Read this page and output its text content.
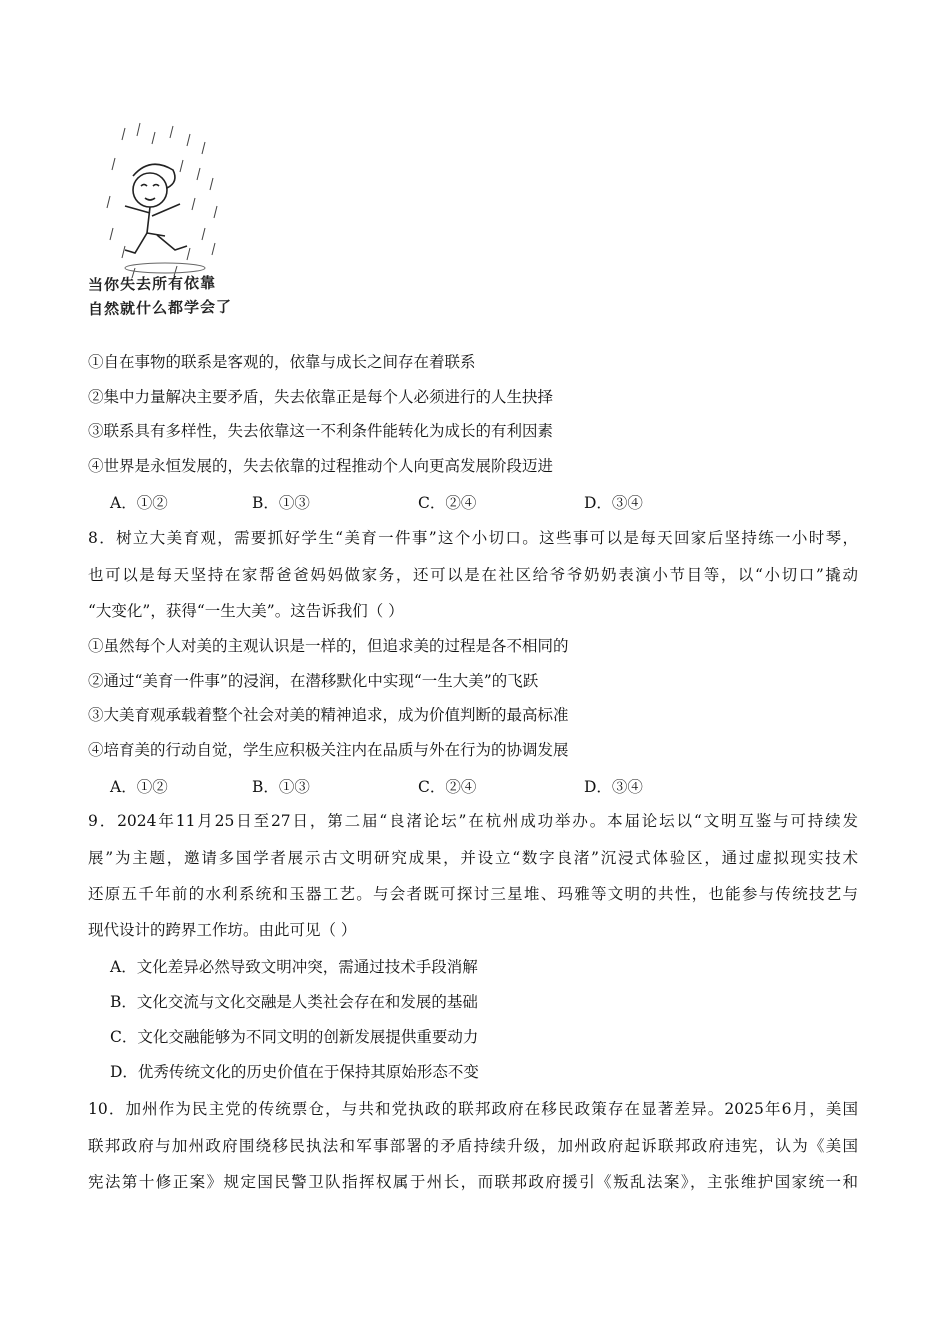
当你失去所有依靠
自然就什么都学会了
①自在事物的联系是客观的，依靠与成长之间存在着联系
②集中力量解决主要矛盾，失去依靠正是每个人必须进行的人生抉择
③联系具有多样性，失去依靠这一不利条件能转化为成长的有利因素
④世界是永恒发展的，失去依靠的过程推动个人向更高发展阶段迈进
A．①②	B．①③	C．②④	D．③④
8．树立大美育观，需要抓好学生“美育一件事”这个小切口。这些事可以是每天回家后坚持练一小时琴，
也可以是每天坚持在家帮爸爸妈妈做家务，还可以是在社区给爷爷奶奶表演小节目等，以“小切口”撬动
“大变化”，获得“一生大美”。这告诉我们（ ）
①虽然每个人对美的主观认识是一样的，但追求美的过程是各不相同的
②通过“美育一件事”的浸润，在潜移默化中实现“一生大美”的飞跃
③大美育观承载着整个社会对美的精神追求，成为价值判断的最高标准
④培育美的行动自觉，学生应积极关注内在品质与外在行为的协调发展
A．①②	B．①③	C．②④	D．③④
9．2024年11月25日至27日，第二届“良渚论坛”在杭州成功举办。本届论坛以“文明互鉴与可持续发
展”为主题，邀请多国学者展示古文明研究成果，并设立“数字良渚”沉浸式体验区，通过虚拟现实技术
还原五千年前的水利系统和玉器工艺。与会者既可探讨三星堆、玛雅等文明的共性，也能参与传统技艺与
现代设计的跨界工作坊。由此可见（ ）
A．文化差异必然导致文明冲突，需通过技术手段消解
B．文化交流与文化交融是人类社会存在和发展的基础
C．文化交融能够为不同文明的创新发展提供重要动力
D．优秀传统文化的历史价值在于保持其原始形态不变
10．加州作为民主党的传统票仓，与共和党执政的联邦政府在移民政策存在显著差异。2025年6月，美国
联邦政府与加州政府围绕移民执法和军事部署的矛盾持续升级，加州政府起诉联邦政府违宪，认为《美国
宪法第十修正案》规定国民警卫队指挥权属于州长，而联邦政府援引《叛乱法案》，主张维护国家统一和
